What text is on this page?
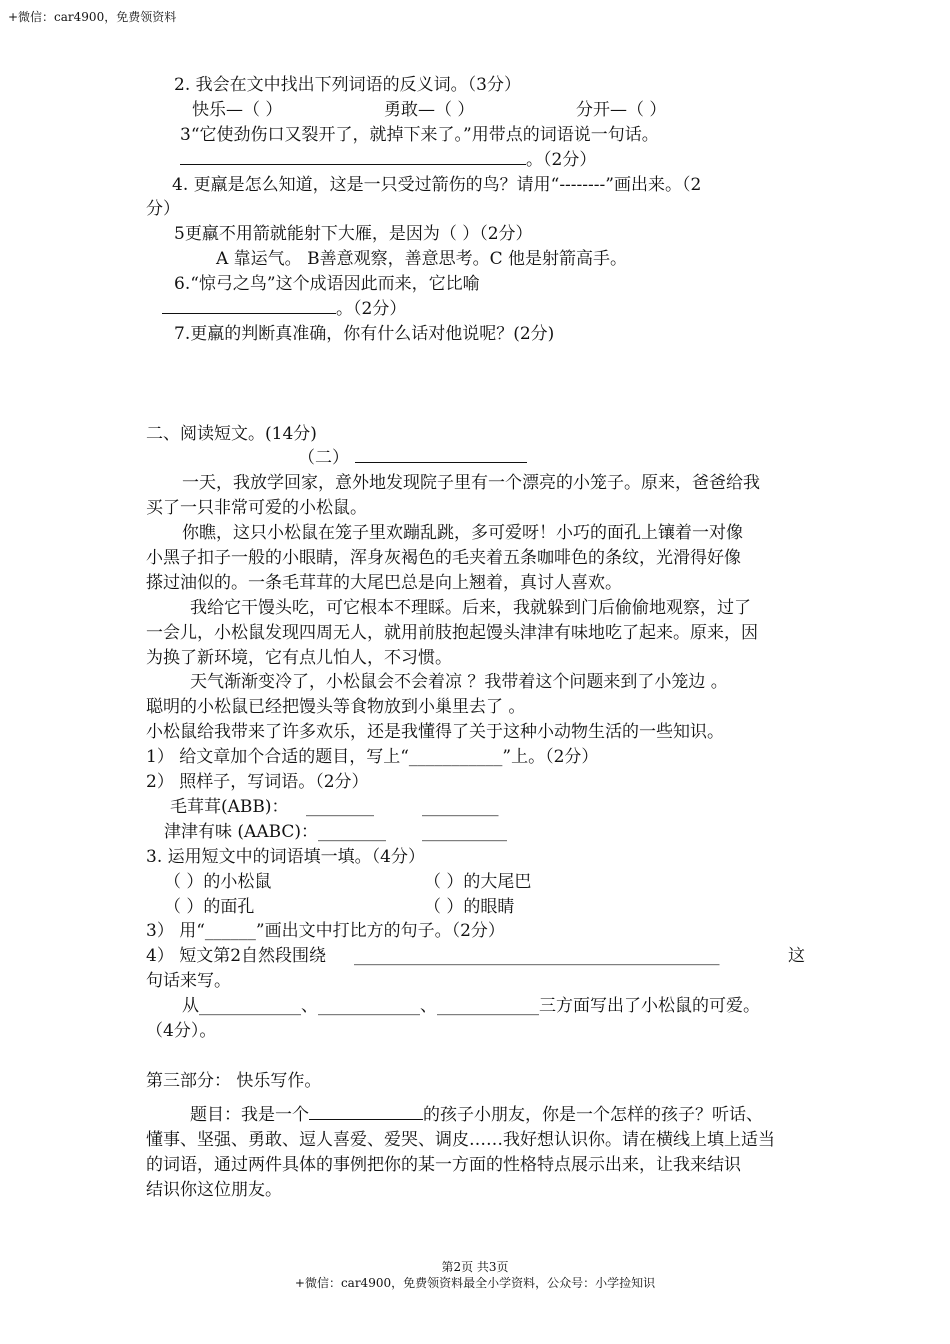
+微信：car4900，免费领资料
2. 我会在文中找出下列词语的反义词。（3分）
快乐—（ ）	勇敢—（ ）	分开—（ ）
3“它使劲伤口又裂开了，就掉下来了。”用带点的词语说一句话。
。（2分）
4. 更羸是怎么知道，这是一只受过箭伤的鸟？请用“--------”画出来。（2
分）
5更羸不用箭就能射下大雁，是因为（ ）（2分）
A 靠运气。 B善意观察，善意思考。C 他是射箭高手。
6.“惊弓之鸟”这个成语因此而来，它比喻
。（2分）
7.更羸的判断真准确，你有什么话对他说呢？(2分)
二、阅读短文。(14分)
（二）
一天，我放学回家，意外地发现院子里有一个漂亮的小笼子。原来，爸爸给我
买了一只非常可爱的小松鼠。
你瞧，这只小松鼠在笼子里欢蹦乱跳，多可爱呀！小巧的面孔上镶着一对像
小黑子扣子一般的小眼睛，浑身灰褐色的毛夹着五条咖啡色的条纹，光滑得好像
搽过油似的。一条毛茸茸的大尾巴总是向上翘着，真讨人喜欢。
我给它干馒头吃，可它根本不理睬。后来，我就躲到门后偷偷地观察，过了
一会儿，小松鼠发现四周无人，就用前肢抱起馒头津津有味地吃了起来。原来，因
为换了新环境，它有点儿怕人，不习惯。
天气渐渐变冷了，小松鼠会不会着凉 ？我带着这个问题来到了小笼边 。
聪明的小松鼠已经把馒头等食物放到小巢里去了 。
小松鼠给我带来了许多欢乐，还是我懂得了关于这种小动物生活的一些知识。
1） 给文章加个合适的题目，写上“___________”上。（2分）
2） 照样子，写词语。（2分）
毛茸茸(ABB)： ________	_________
津津有味 (AABC)：________ __________
3. 运用短文中的词语填一填。（4分）
（ ）的小松鼠	（ ）的大尾巴
（ ）的面孔	（ ）的眼睛
3） 用“______”画出文中打比方的句子。（2分）
4） 短文第2自然段围绕 ___________________________________________	这
句话来写。
从____________、____________、____________三方面写出了小松鼠的可爱。
（4分）。
第三部分： 快乐写作。
题目：我是一个	的孩子小朋友，你是一个怎样的孩子？听话、
懂事、坚强、勇敢、逗人喜爱、爱哭、调皮……我好想认识你。请在横线上填上适当
的词语，通过两件具体的事例把你的某一方面的性格特点展示出来，让我来结识
结识你这位朋友。
第2页 共3页
+微信：car4900，免费领资料最全小学资料，公众号：小学捡知识
